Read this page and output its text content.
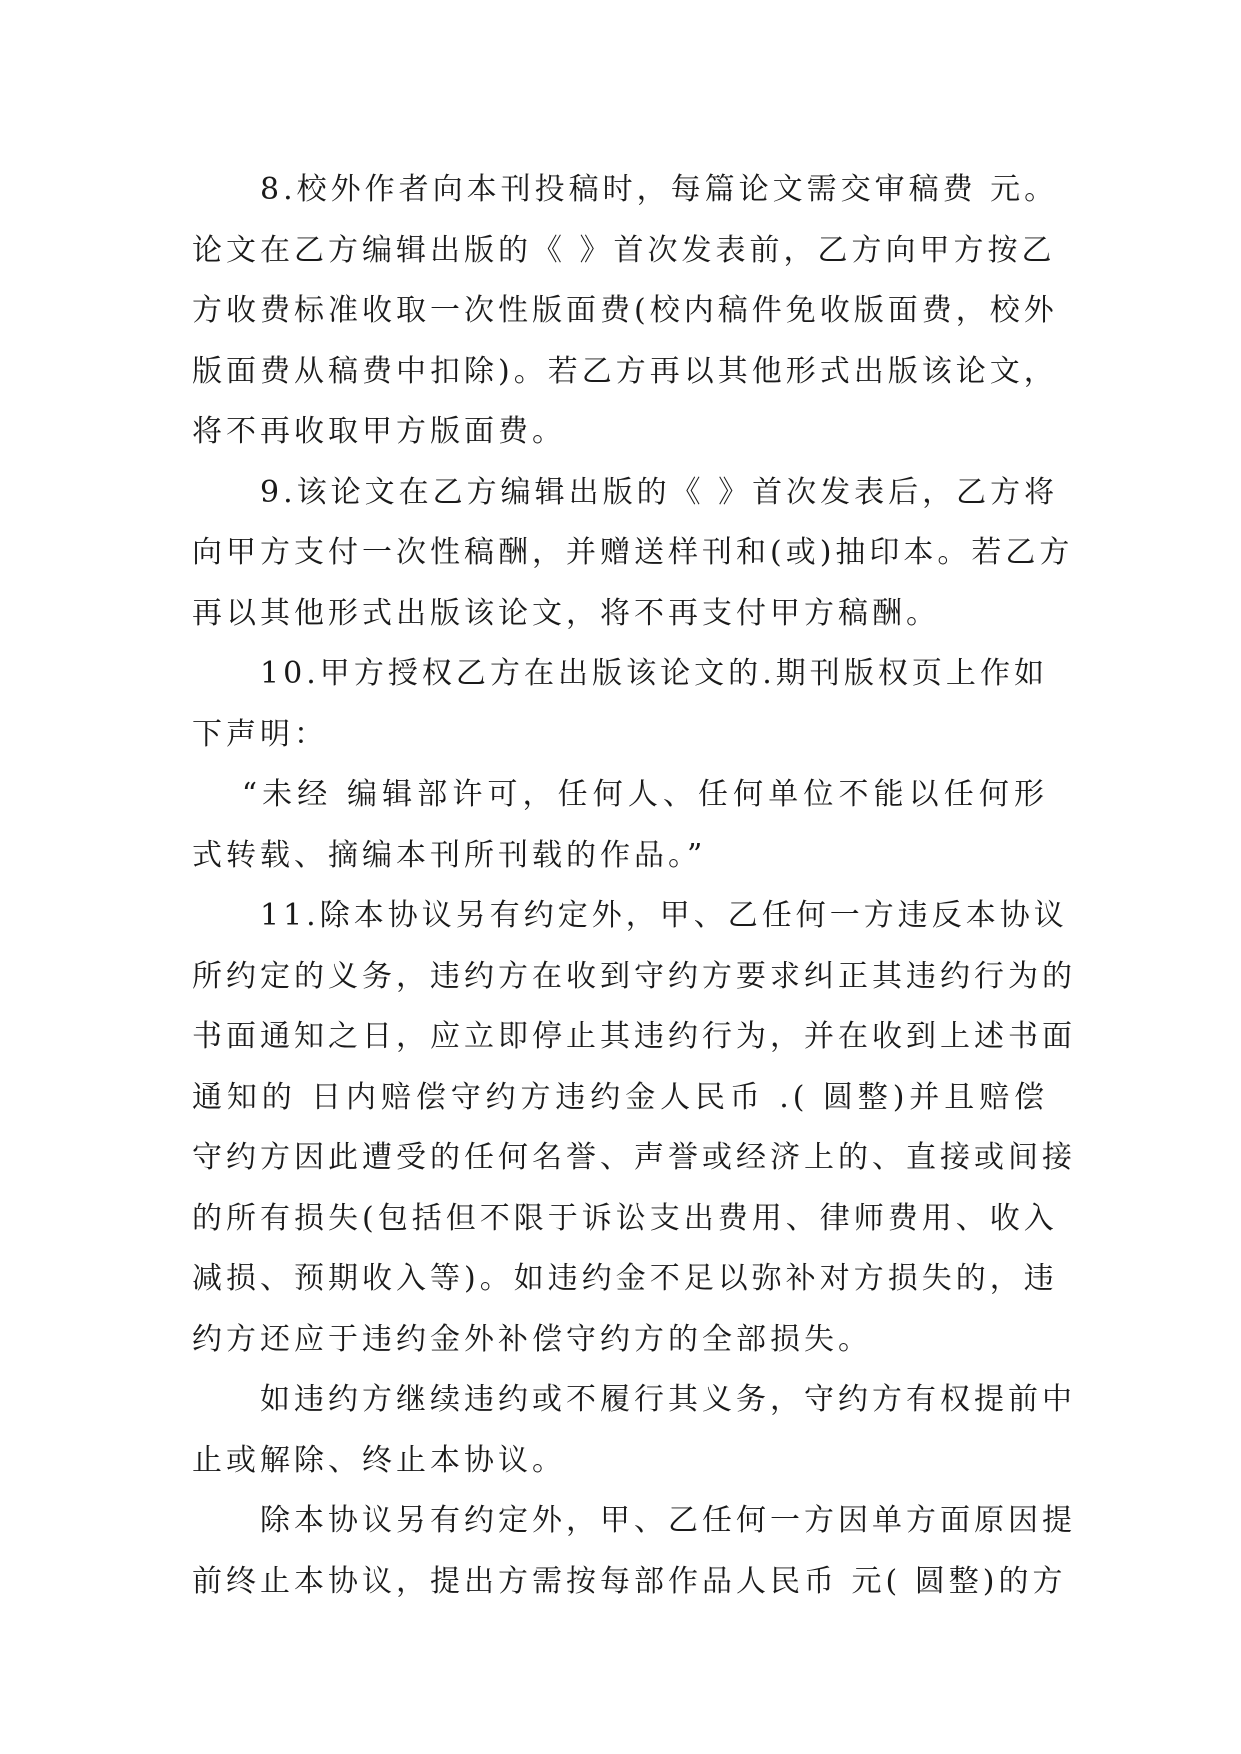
　　8.校外作者向本刊投稿时，每篇论文需交审稿费 元。
论文在乙方编辑出版的《 》首次发表前，乙方向甲方按乙
方收费标准收取一次性版面费(校内稿件免收版面费，校外
版面费从稿费中扣除)。若乙方再以其他形式出版该论文，
将不再收取甲方版面费。
　　9.该论文在乙方编辑出版的《 》首次发表后，乙方将
向甲方支付一次性稿酬，并赠送样刊和(或)抽印本。若乙方
再以其他形式出版该论文，将不再支付甲方稿酬。
　　10.甲方授权乙方在出版该论文的.期刊版权页上作如
下声明：
　 “未经 编辑部许可，任何人、任何单位不能以任何形
式转载、摘编本刊所刊载的作品。”
　　11.除本协议另有约定外，甲、乙任何一方违反本协议
所约定的义务，违约方在收到守约方要求纠正其违约行为的
书面通知之日，应立即停止其违约行为，并在收到上述书面
通知的 日内赔偿守约方违约金人民币 .( 圆整)并且赔偿
守约方因此遭受的任何名誉、声誉或经济上的、直接或间接
的所有损失(包括但不限于诉讼支出费用、律师费用、收入
减损、预期收入等)。如违约金不足以弥补对方损失的，违
约方还应于违约金外补偿守约方的全部损失。
　　如违约方继续违约或不履行其义务，守约方有权提前中
止或解除、终止本协议。
　　除本协议另有约定外，甲、乙任何一方因单方面原因提
前终止本协议，提出方需按每部作品人民币 元( 圆整)的方
